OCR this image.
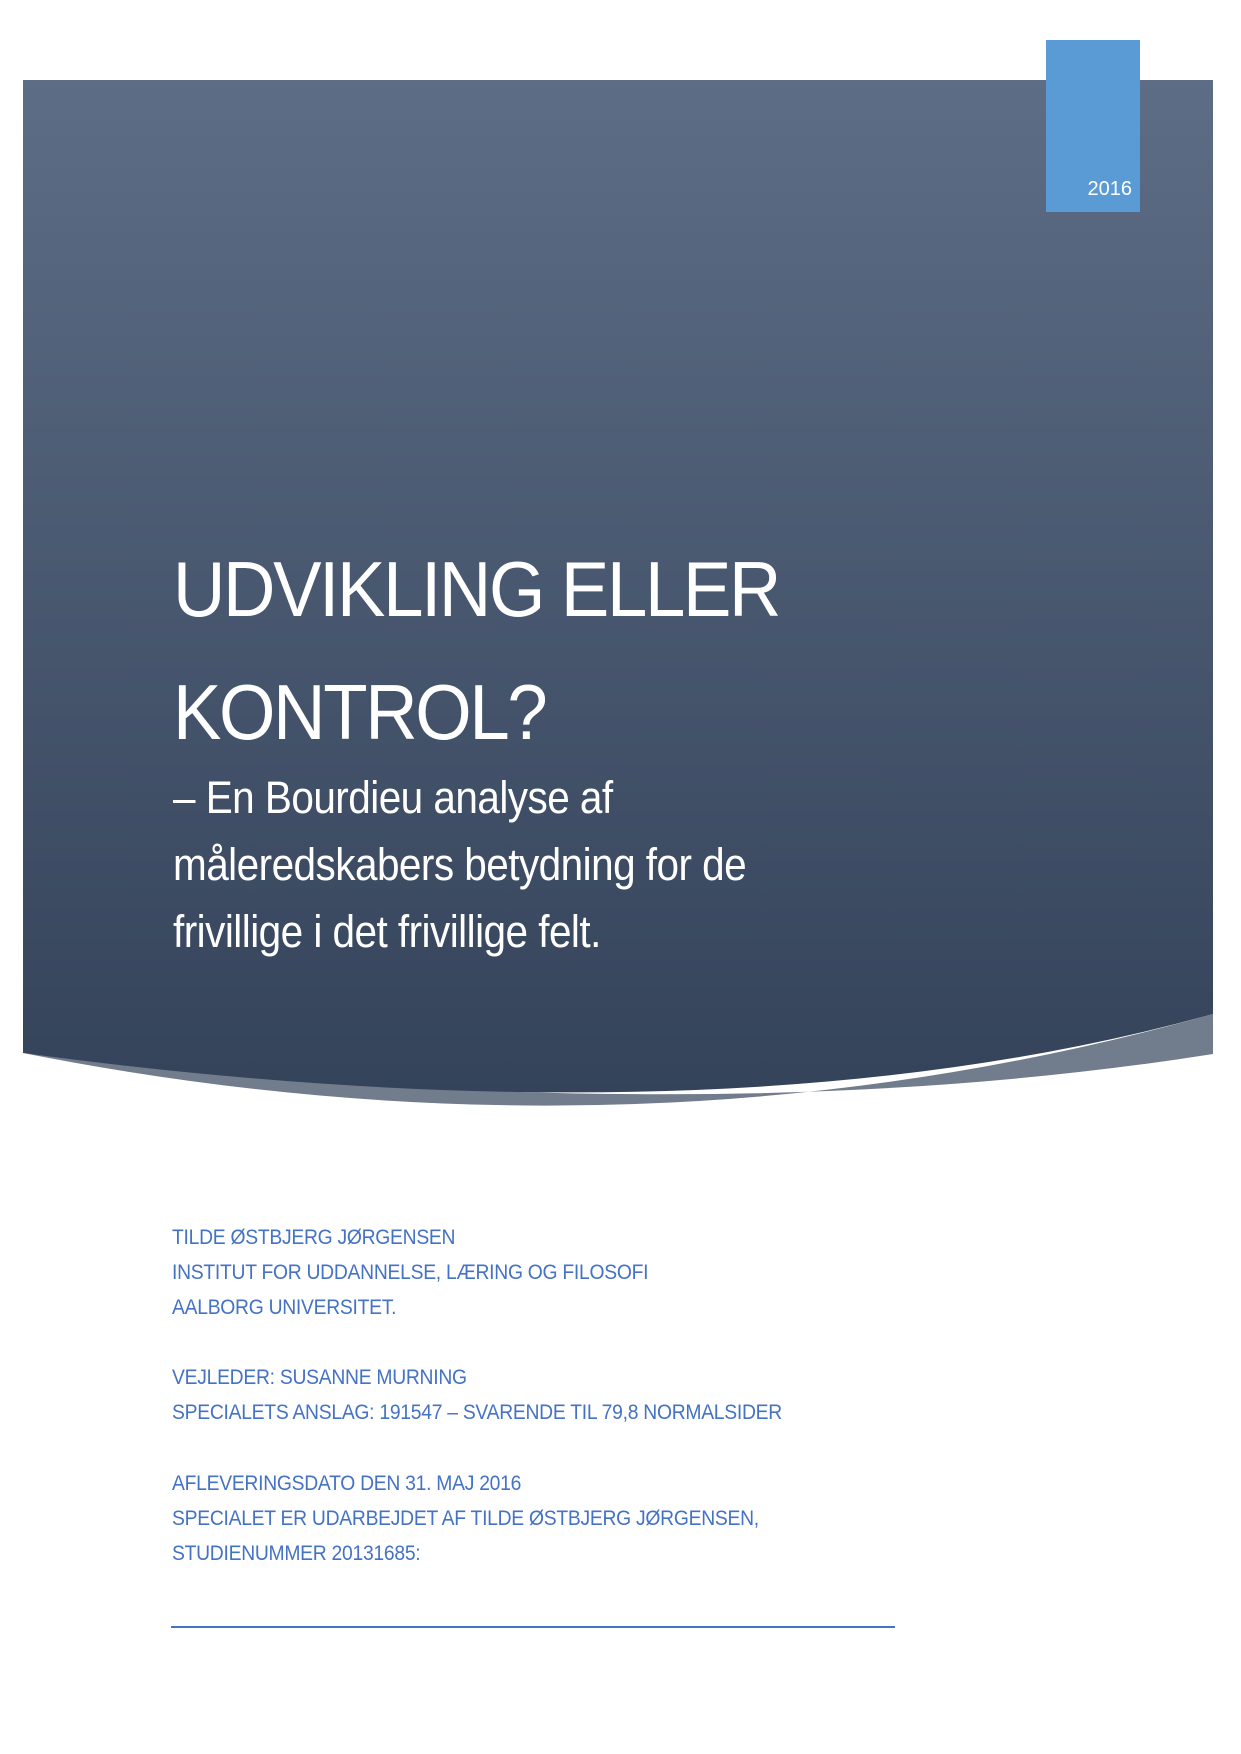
2016
UDVIKLING ELLER
KONTROL?
– En Bourdieu analyse af
måleredskabers betydning for de
frivillige i det frivillige felt.
TILDE ØSTBJERG JØRGENSEN
INSTITUT FOR UDDANNELSE, LÆRING OG FILOSOFI
AALBORG UNIVERSITET.
VEJLEDER: SUSANNE MURNING
SPECIALETS ANSLAG: 191547 – SVARENDE TIL 79,8 NORMALSIDER
AFLEVERINGSDATO DEN 31. MAJ 2016
SPECIALET ER UDARBEJDET AF TILDE ØSTBJERG JØRGENSEN,
STUDIENUMMER 20131685:
